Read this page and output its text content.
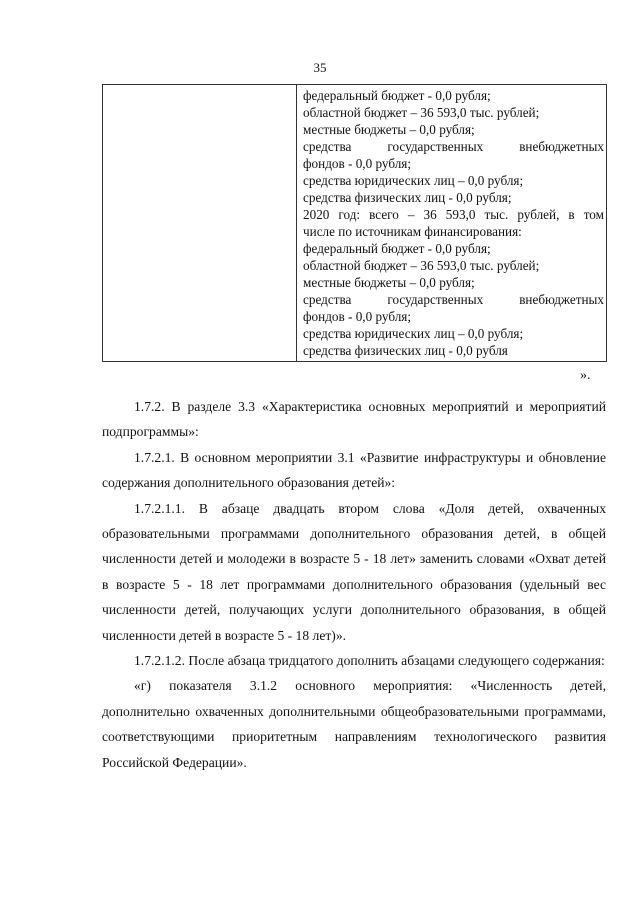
35

федеральный бюджет - 0,0 рубля;
областной бюджет – 36 593,0 тыс. рублей;
местные бюджеты – 0,0 рубля;
средства государственных внебюджетных
фондов - 0,0 рубля;
средства юридических лиц – 0,0 рубля;
средства физических лиц - 0,0 рубля;
2020 год: всего – 36 593,0 тыс. рублей, в том
числе по источникам финансирования:
федеральный бюджет - 0,0 рубля;
областной бюджет – 36 593,0 тыс. рублей;
местные бюджеты – 0,0 рубля;
средства государственных внебюджетных
фондов - 0,0 рубля;
средства юридических лиц – 0,0 рубля;
средства физических лиц - 0,0 рубля
».

1.7.2. В разделе 3.3 «Характеристика основных мероприятий и мероприятий подпрограммы»:

1.7.2.1. В основном мероприятии 3.1 «Развитие инфраструктуры и обновление содержания дополнительного образования детей»:

1.7.2.1.1. В абзаце двадцать втором слова «Доля детей, охваченных образовательными программами дополнительного образования детей, в общей численности детей и молодежи в возрасте 5 - 18 лет» заменить словами «Охват детей в возрасте 5 - 18 лет программами дополнительного образования (удельный вес численности детей, получающих услуги дополнительного образования, в общей численности детей в возрасте 5 - 18 лет)».

1.7.2.1.2. После абзаца тридцатого дополнить абзацами следующего содержания:

«г) показателя 3.1.2 основного мероприятия: «Численность детей, дополнительно охваченных дополнительными общеобразовательными программами, соответствующими приоритетным направлениям технологического развития Российской Федерации».
